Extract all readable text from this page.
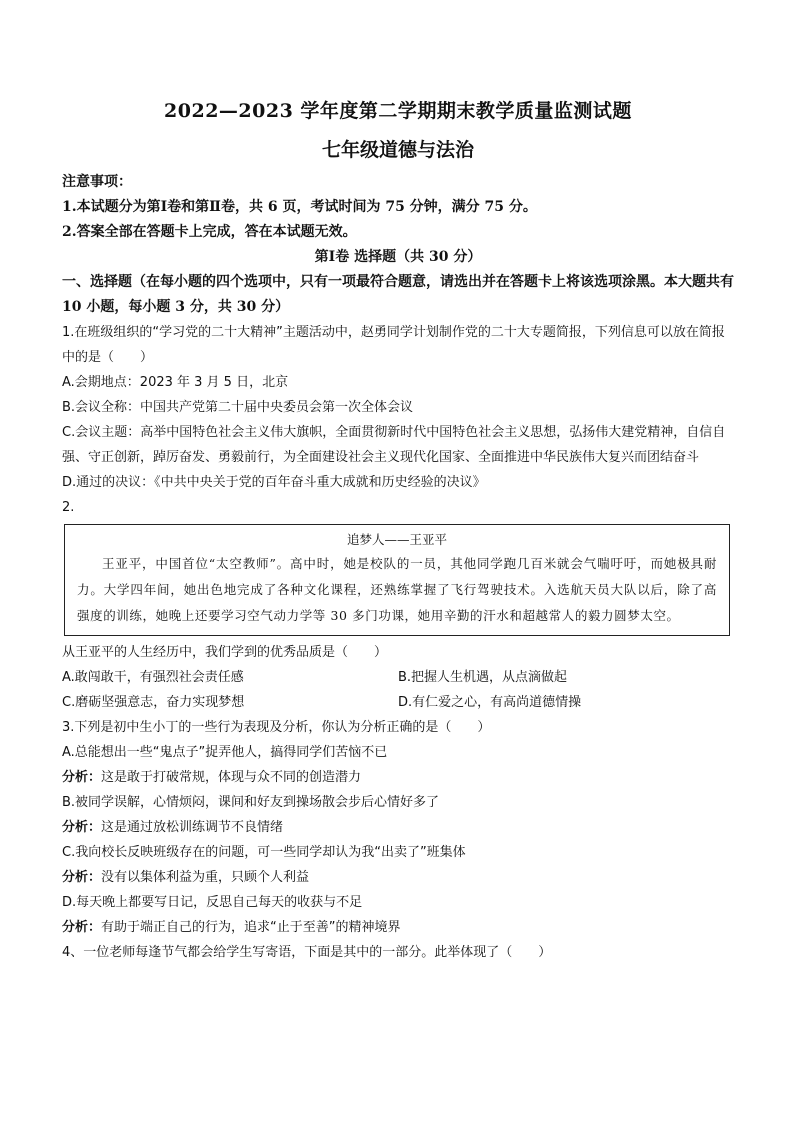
2022—2023 学年度第二学期期末教学质量监测试题
七年级道德与法治
注意事项：
1.本试题分为第Ⅰ卷和第Ⅱ卷，共 6 页，考试时间为 75 分钟，满分 75 分。
2.答案全部在答题卡上完成，答在本试题无效。
第Ⅰ卷 选择题（共 30 分）
一、选择题（在每小题的四个选项中，只有一项最符合题意，请选出并在答题卡上将该选项涂黑。本大题共有 10 小题，每小题 3 分，共 30 分）
1.在班级组织的“学习党的二十大精神”主题活动中，赵勇同学计划制作党的二十大专题简报，下列信息可以放在简报中的是（　　）
A.会期地点：2023 年 3 月 5 日，北京
B.会议全称：中国共产党第二十届中央委员会第一次全体会议
C.会议主题：高举中国特色社会主义伟大旗帜，全面贯彻新时代中国特色社会主义思想，弘扬伟大建党精神，自信自强、守正创新，踔厉奋发、勇毅前行，为全面建设社会主义现代化国家、全面推进中华民族伟大复兴而团结奋斗
D.通过的决议：《中共中央关于党的百年奋斗重大成就和历史经验的决议》
2.
追梦人——王亚平
王亚平，中国首位“太空教师”。高中时，她是校队的一员，其他同学跑几百米就会气喘吁吁，而她极具耐力。大学四年间，她出色地完成了各种文化课程，还熟练掌握了飞行驾驶技术。入选航天员大队以后，除了高强度的训练，她晚上还要学习空气动力学等 30 多门功课，她用辛勤的汗水和超越常人的毅力圆梦太空。
从王亚平的人生经历中，我们学到的优秀品质是（　　）
A.敢闯敢干，有强烈社会责任感	B.把握人生机遇，从点滴做起
C.磨砺坚强意志，奋力实现梦想	D.有仁爱之心，有高尚道德情操
3.下列是初中生小丁的一些行为表现及分析，你认为分析正确的是（　　）
A.总能想出一些“鬼点子”捉弄他人，搞得同学们苦恼不已
分析：这是敢于打破常规，体现与众不同的创造潜力
B.被同学误解，心情烦闷，课间和好友到操场散会步后心情好多了
分析：这是通过放松训练调节不良情绪
C.我向校长反映班级存在的问题，可一些同学却认为我“出卖了”班集体
分析：没有以集体利益为重，只顾个人利益
D.每天晚上都要写日记，反思自己每天的收获与不足
分析：有助于端正自己的行为，追求“止于至善”的精神境界
4、一位老师每逢节气都会给学生写寄语，下面是其中的一部分。此举体现了（　　）
